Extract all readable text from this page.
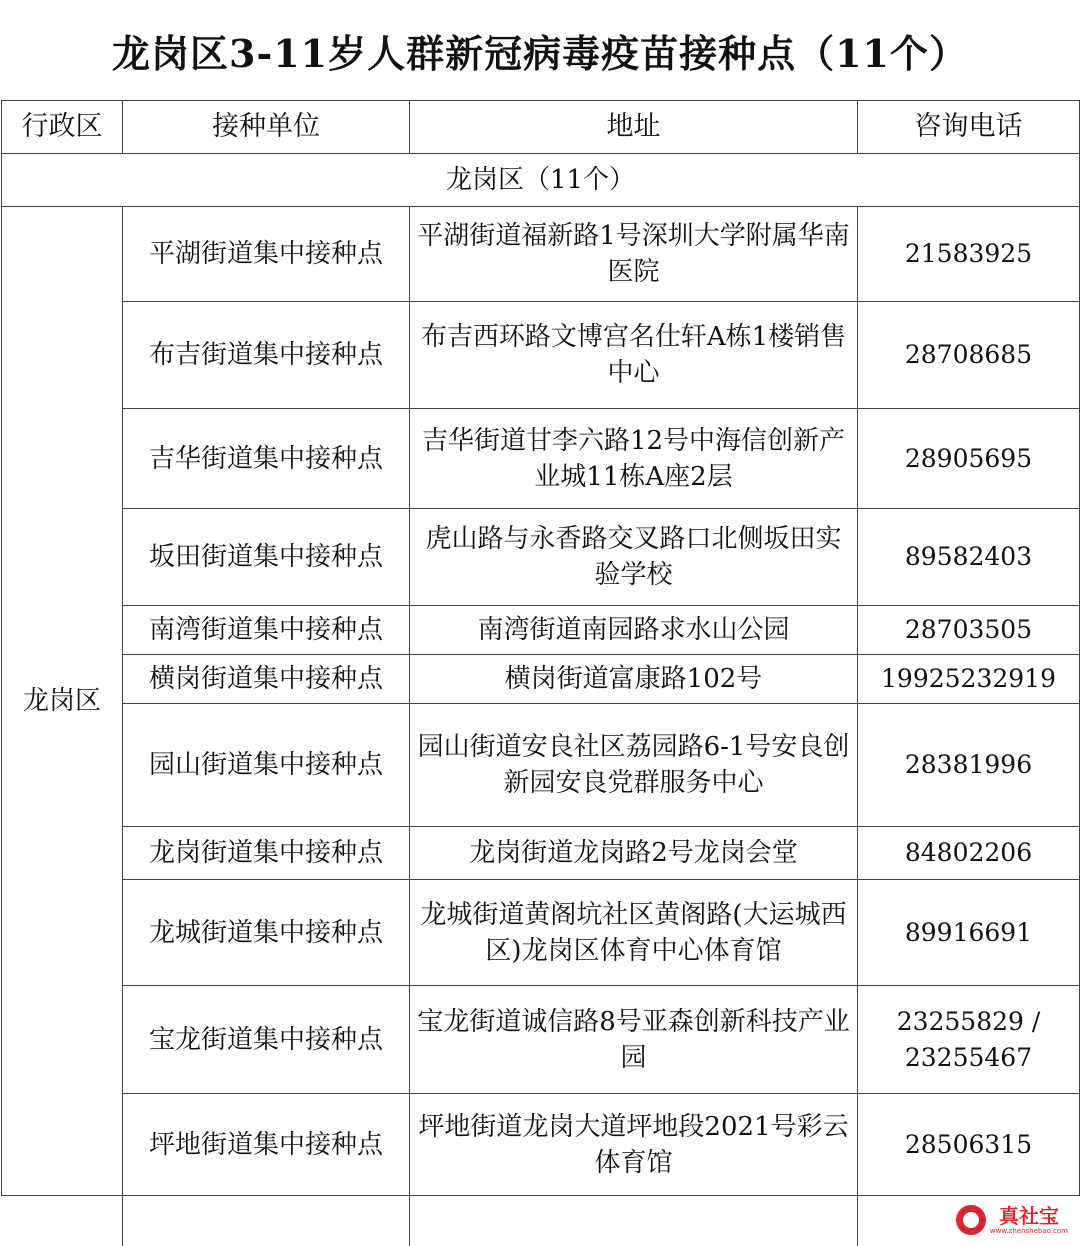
龙岗区3-11岁人群新冠病毒疫苗接种点（11个）
行政区	接种单位	地址	咨询电话
龙岗区（11个）			
龙岗区	平湖街道集中接种点	平湖街道福新路1号深圳大学附属华南医院	21583925
	布吉街道集中接种点	布吉西环路文博宫名仕轩A栋1楼销售中心	28708685
	吉华街道集中接种点	吉华街道甘李六路12号中海信创新产业城11栋A座2层	28905695
	坂田街道集中接种点	虎山路与永香路交叉路口北侧坂田实验学校	89582403
	南湾街道集中接种点	南湾街道南园路求水山公园	28703505
	横岗街道集中接种点	横岗街道富康路102号	19925232919
	园山街道集中接种点	园山街道安良社区荔园路6-1号安良创新园安良党群服务中心	28381996
	龙岗街道集中接种点	龙岗街道龙岗路2号龙岗会堂	84802206
	龙城街道集中接种点	龙城街道黄阁坑社区黄阁路(大运城西区)龙岗区体育中心体育馆	89916691
	宝龙街道集中接种点	宝龙街道诚信路8号亚森创新科技产业园	23255829 / 23255467
	坪地街道集中接种点	坪地街道龙岗大道坪地段2021号彩云体育馆	28506315

真社宝
www.zhenshebao.com
